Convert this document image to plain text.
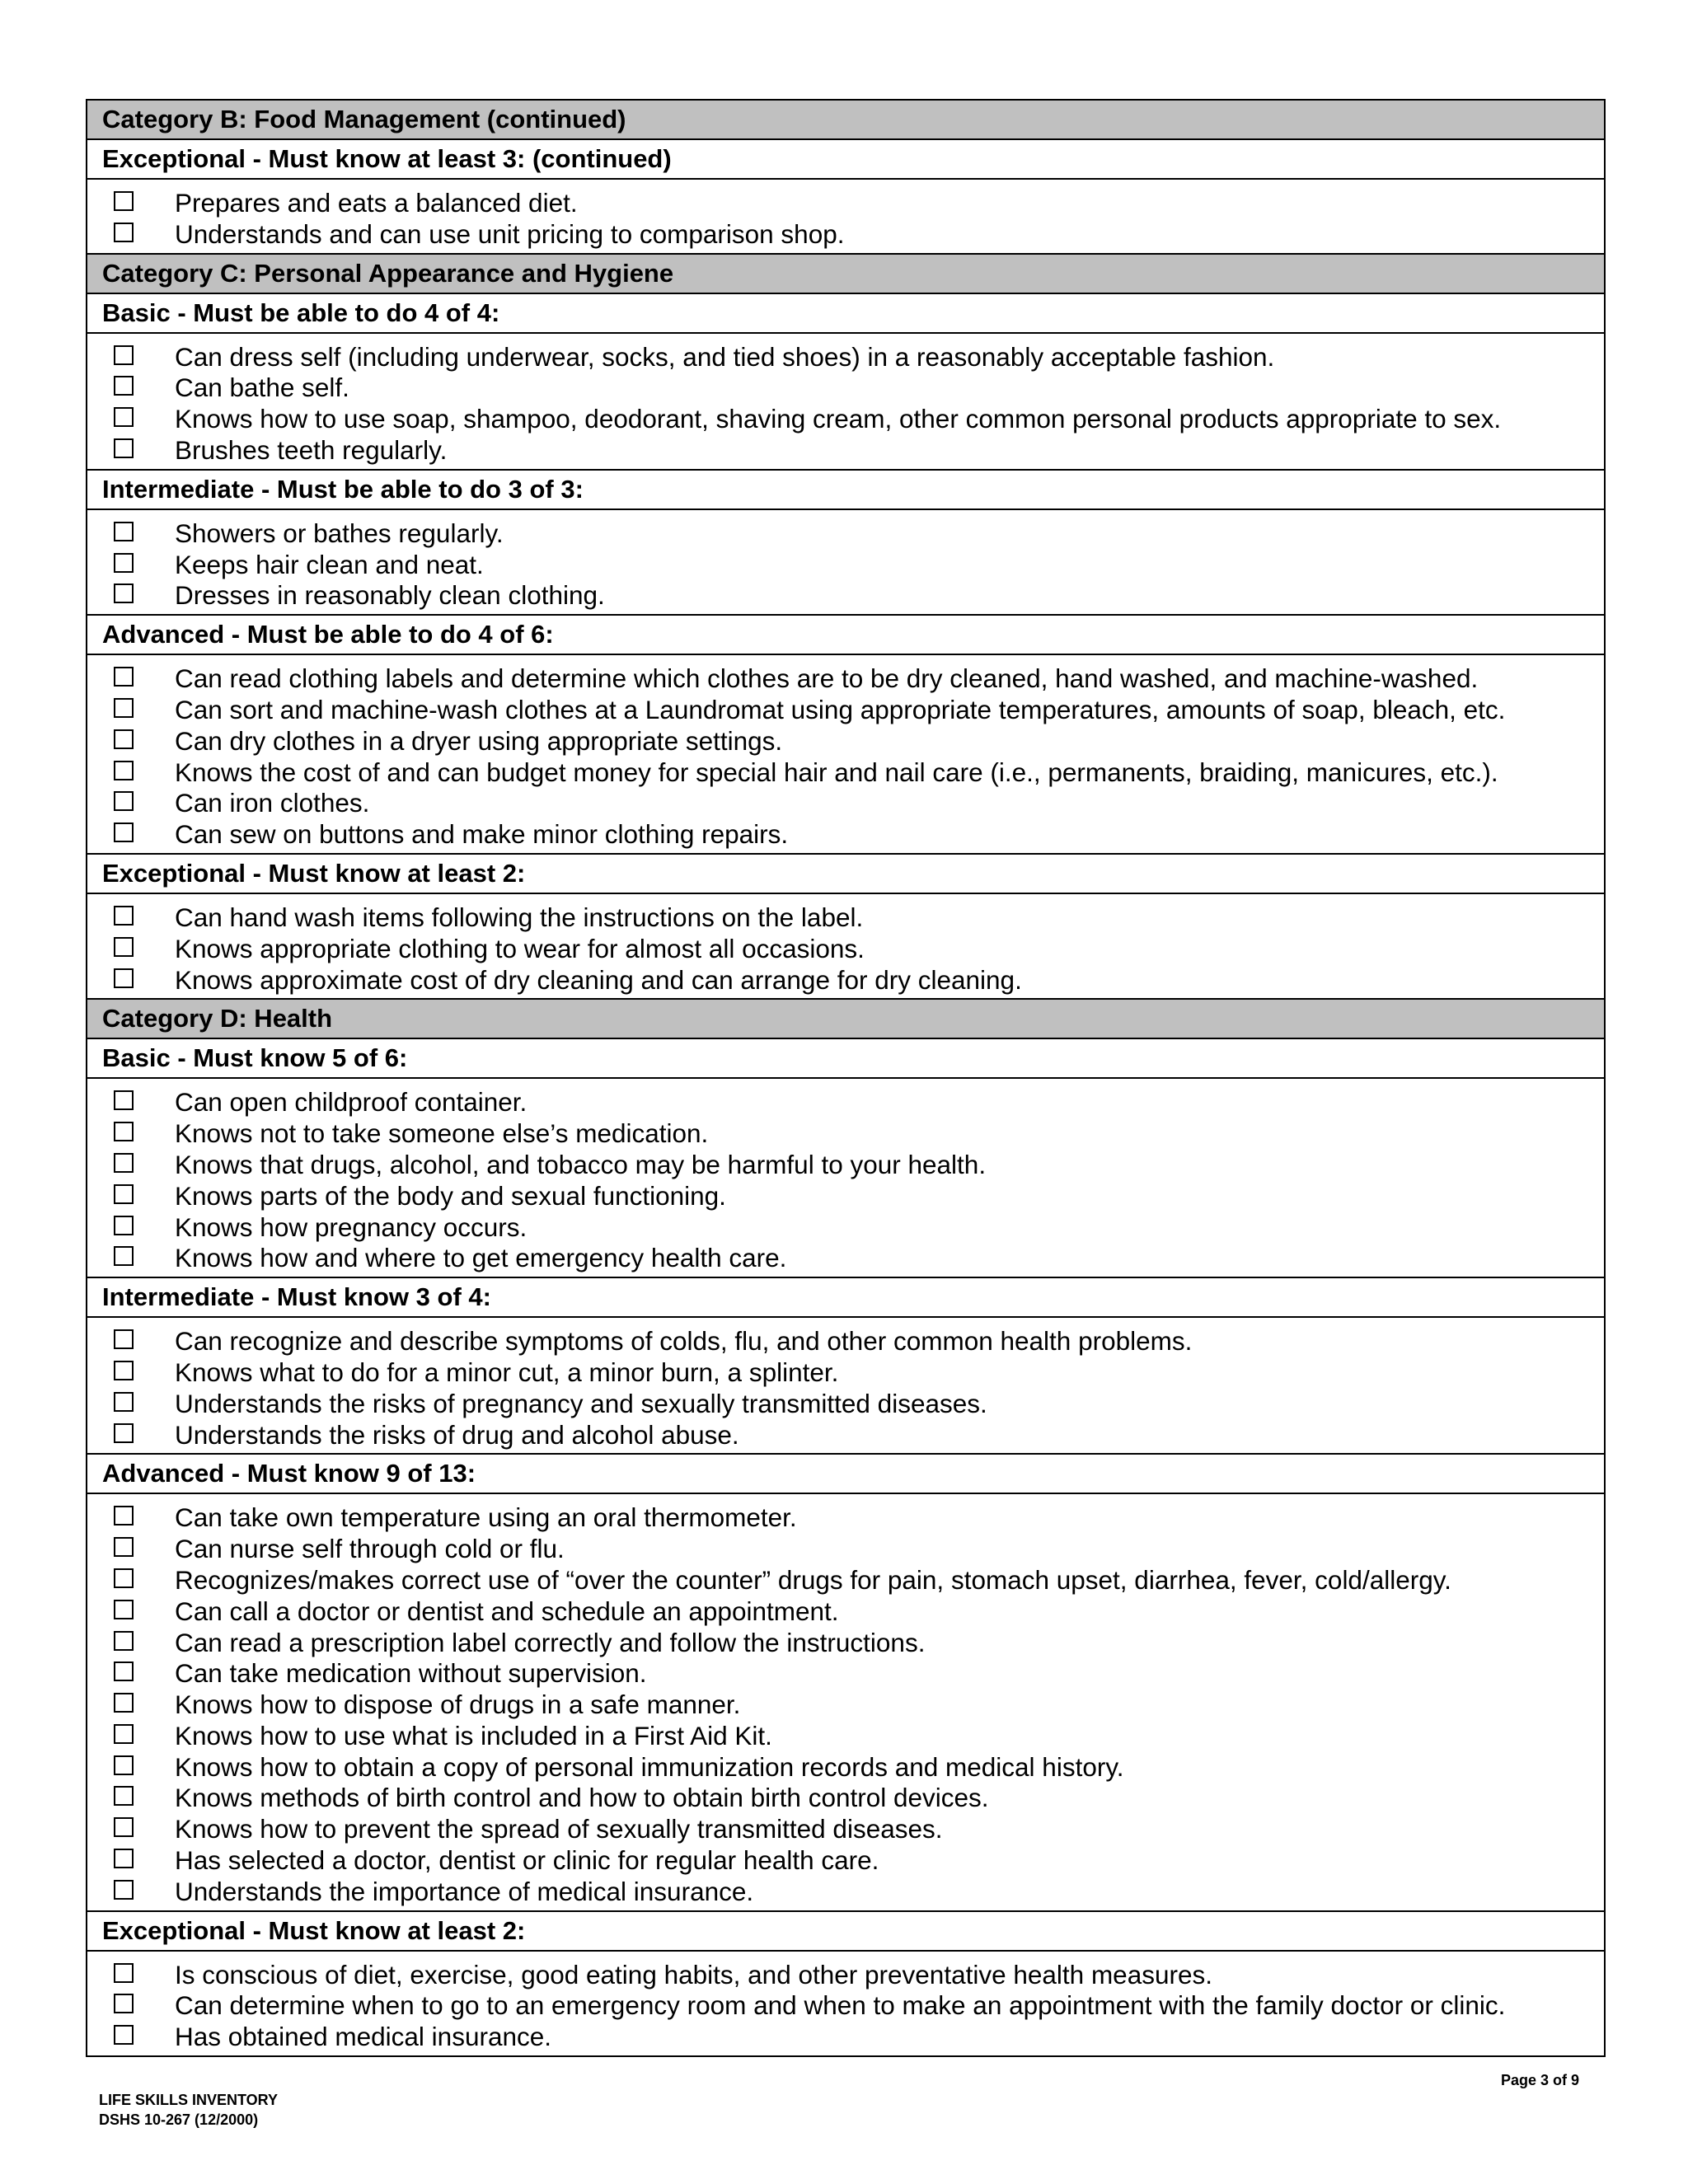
Category B: Food Management (continued)
Exceptional - Must know at least 3: (continued)
Prepares and eats a balanced diet.
Understands and can use unit pricing to comparison shop.
Category C: Personal Appearance and Hygiene
Basic - Must be able to do 4 of 4:
Can dress self (including underwear, socks, and tied shoes) in a reasonably acceptable fashion.
Can bathe self.
Knows how to use soap, shampoo, deodorant, shaving cream, other common personal products appropriate to sex.
Brushes teeth regularly.
Intermediate - Must be able to do 3 of 3:
Showers or bathes regularly.
Keeps hair clean and neat.
Dresses in reasonably clean clothing.
Advanced - Must be able to do 4 of 6:
Can read clothing labels and determine which clothes are to be dry cleaned, hand washed, and machine-washed.
Can sort and machine-wash clothes at a Laundromat using appropriate temperatures, amounts of soap, bleach, etc.
Can dry clothes in a dryer using appropriate settings.
Knows the cost of and can budget money for special hair and nail care (i.e., permanents, braiding, manicures, etc.).
Can iron clothes.
Can sew on buttons and make minor clothing repairs.
Exceptional - Must know at least 2:
Can hand wash items following the instructions on the label.
Knows appropriate clothing to wear for almost all occasions.
Knows approximate cost of dry cleaning and can arrange for dry cleaning.
Category D: Health
Basic - Must know 5 of 6:
Can open childproof container.
Knows not to take someone else’s medication.
Knows that drugs, alcohol, and tobacco may be harmful to your health.
Knows parts of the body and sexual functioning.
Knows how pregnancy occurs.
Knows how and where to get emergency health care.
Intermediate - Must know 3 of 4:
Can recognize and describe symptoms of colds, flu, and other common health problems.
Knows what to do for a minor cut, a minor burn, a splinter.
Understands the risks of pregnancy and sexually transmitted diseases.
Understands the risks of drug and alcohol abuse.
Advanced - Must know 9 of 13:
Can take own temperature using an oral thermometer.
Can nurse self through cold or flu.
Recognizes/makes correct use of “over the counter” drugs for pain, stomach upset, diarrhea, fever, cold/allergy.
Can call a doctor or dentist and schedule an appointment.
Can read a prescription label correctly and follow the instructions.
Can take medication without supervision.
Knows how to dispose of drugs in a safe manner.
Knows how to use what is included in a First Aid Kit.
Knows how to obtain a copy of personal immunization records and medical history.
Knows methods of birth control and how to obtain birth control devices.
Knows how to prevent the spread of sexually transmitted diseases.
Has selected a doctor, dentist or clinic for regular health care.
Understands the importance of medical insurance.
Exceptional - Must know at least 2:
Is conscious of diet, exercise, good eating habits, and other preventative health measures.
Can determine when to go to an emergency room and when to make an appointment with the family doctor or clinic.
Has obtained medical insurance.
LIFE SKILLS INVENTORY
DSHS 10-267 (12/2000)
Page 3 of 9
